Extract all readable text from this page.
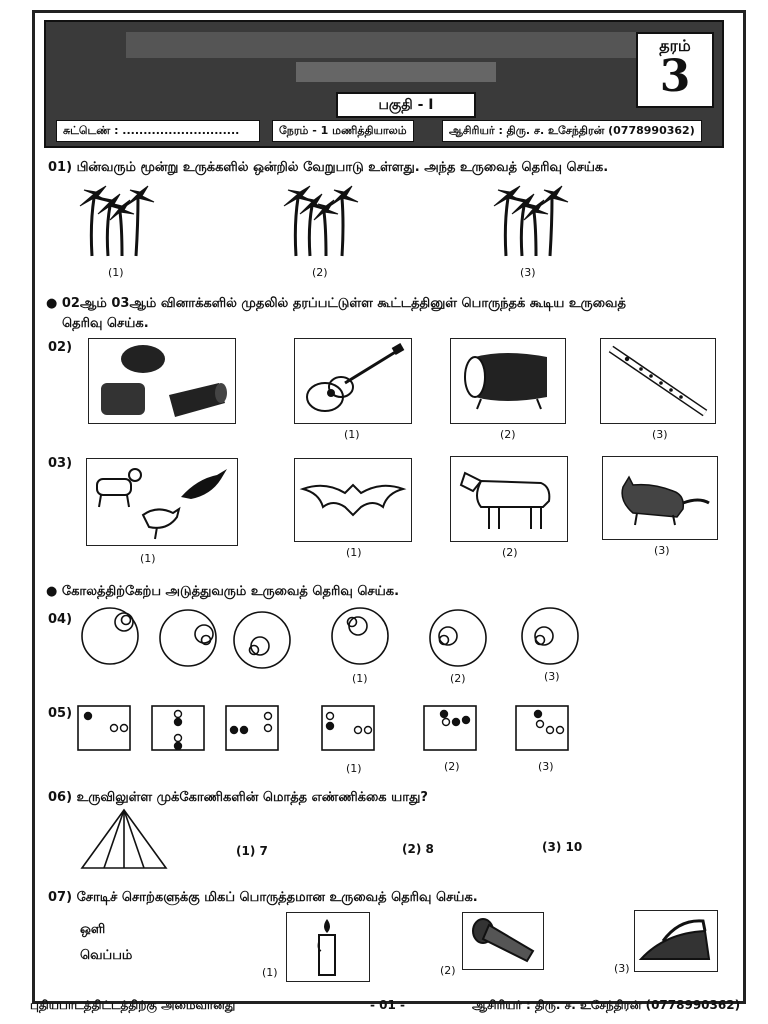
தரம்
3
பகுதி - I
சுட்டெண் : ............................	நேரம் - 1 மணித்தியாலம்	ஆசிரியர் : திரு. ச. உசேந்திரன் (0778990362)
01) பின்வரும் மூன்று உருக்களில் ஒன்றில் வேறுபாடு உள்ளது. அந்த உருவைத் தெரிவு செய்க.
(1)	(2)	(3)
● 02ஆம் 03ஆம் வினாக்களில் முதலில் தரப்பட்டுள்ள கூட்டத்தினுள் பொருந்தக் கூடிய உருவைத்
தெரிவு செய்க.
02)
(1)	(2)	(3)
03)
(1)	(1)	(2)	(3)
● கோலத்திற்கேற்ப அடுத்துவரும் உருவைத் தெரிவு செய்க.
04)
(1)	(2)	(3)
05)
(1)	(2)	(3)
06) உருவிலுள்ள முக்கோணிகளின் மொத்த எண்ணிக்கை யாது?
(1) 7	(2) 8	(3) 10
07) சோடிச் சொற்களுக்கு மிகப் பொருத்தமான உருவைத் தெரிவு செய்க.
ஒளி
வெப்பம்
(1)	(2)	(3)
புதியபாடத்திட்டத்திற்கு அமைவானது	- 01 -	ஆசிரியர் : திரு. ச. உசேந்திரன் (0778990362)
